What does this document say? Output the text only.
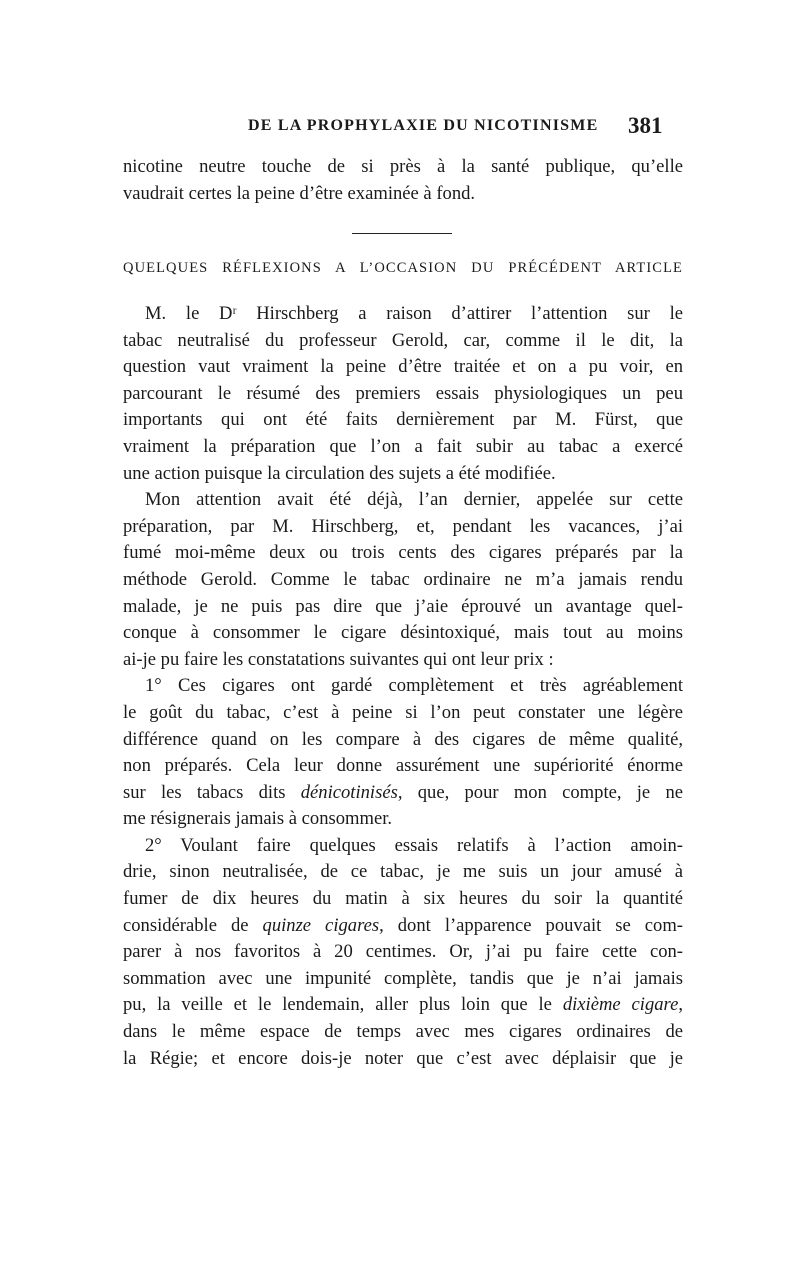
DE LA PROPHYLAXIE DU NICOTINISME 381
nicotine neutre touche de si près à la santé publique, qu’elle
vaudrait certes la peine d’être examinée à fond.
QUELQUES RÉFLEXIONS A L’OCCASION DU PRÉCÉDENT ARTICLE
M. le Dʳ Hirschberg a raison d’attirer l’attention sur le
tabac neutralisé du professeur Gerold, car, comme il le dit, la
question vaut vraiment la peine d’être traitée et on a pu voir, en
parcourant le résumé des premiers essais physiologiques un peu
importants qui ont été faits dernièrement par M. Fürst, que
vraiment la préparation que l’on a fait subir au tabac a exercé
une action puisque la circulation des sujets a été modifiée.
Mon attention avait été déjà, l’an dernier, appelée sur cette
préparation, par M. Hirschberg, et, pendant les vacances, j’ai
fumé moi-même deux ou trois cents des cigares préparés par la
méthode Gerold. Comme le tabac ordinaire ne m’a jamais rendu
malade, je ne puis pas dire que j’aie éprouvé un avantage quel-
conque à consommer le cigare désintoxiqué, mais tout au moins
ai-je pu faire les constatations suivantes qui ont leur prix :
1° Ces cigares ont gardé complètement et très agréablement
le goût du tabac, c’est à peine si l’on peut constater une légère
différence quand on les compare à des cigares de même qualité,
non préparés. Cela leur donne assurément une supériorité énorme
sur les tabacs dits dénicotinisés, que, pour mon compte, je ne
me résignerais jamais à consommer.
2° Voulant faire quelques essais relatifs à l’action amoin-
drie, sinon neutralisée, de ce tabac, je me suis un jour amusé à
fumer de dix heures du matin à six heures du soir la quantité
considérable de quinze cigares, dont l’apparence pouvait se com-
parer à nos favoritos à 20 centimes. Or, j’ai pu faire cette con-
sommation avec une impunité complète, tandis que je n’ai jamais
pu, la veille et le lendemain, aller plus loin que le dixième cigare,
dans le même espace de temps avec mes cigares ordinaires de
la Régie; et encore dois-je noter que c’est avec déplaisir que je
